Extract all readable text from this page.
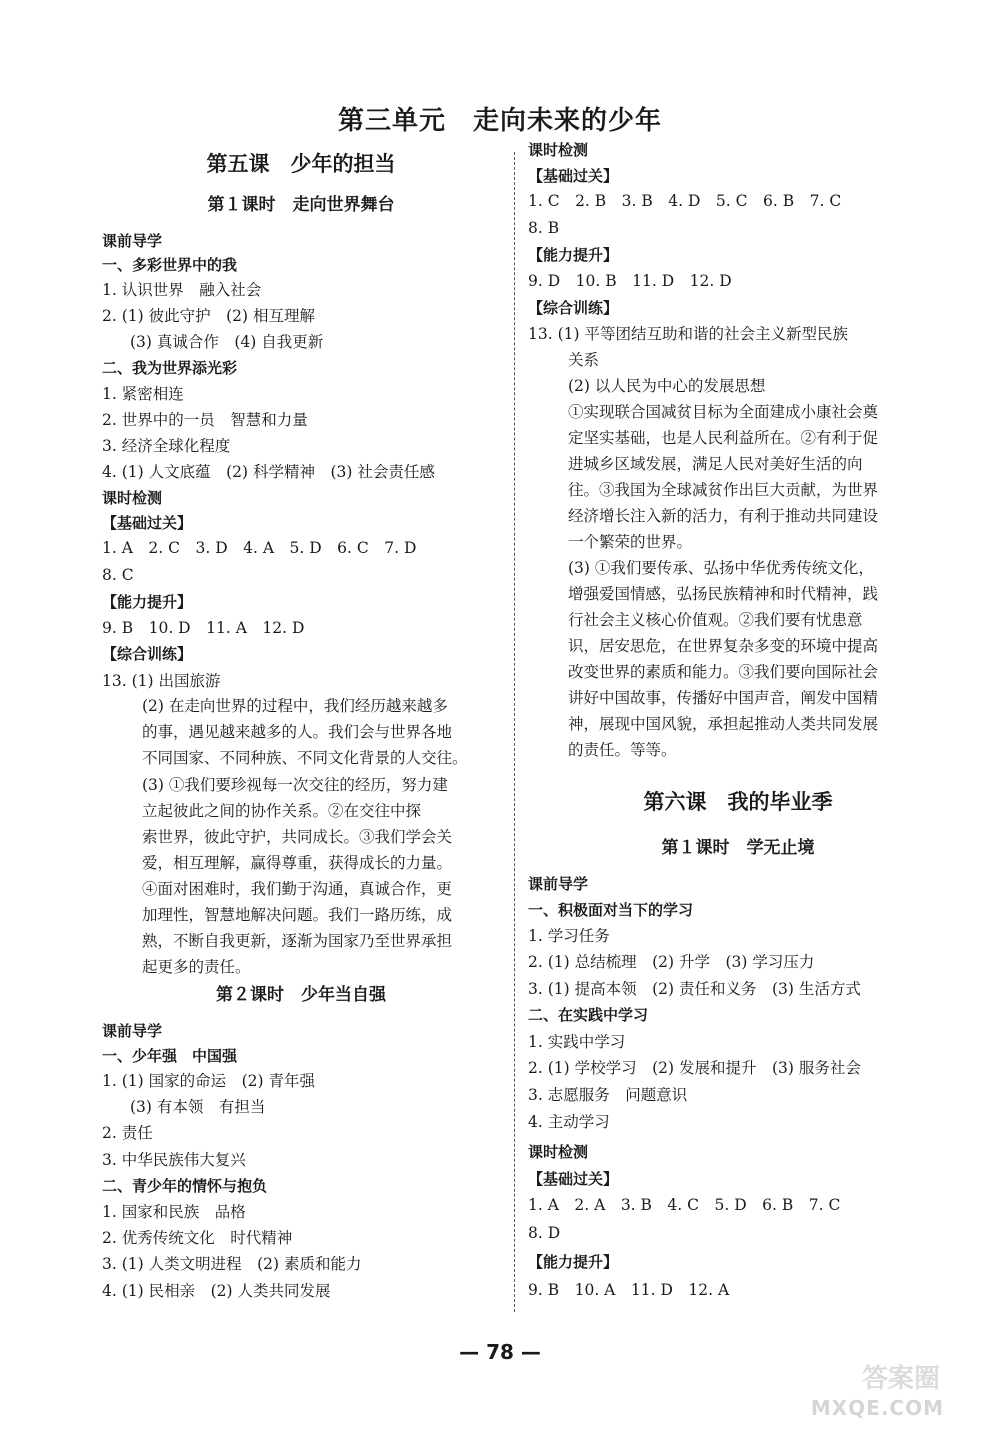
第三单元　走向未来的少年
第五课　少年的担当
第１课时　走向世界舞台
课前导学
一、多彩世界中的我
1. 认识世界　融入社会
2. (1) 彼此守护　(2) 相互理解
(3) 真诚合作　(4) 自我更新
二、我为世界添光彩
1. 紧密相连
2. 世界中的一员　智慧和力量
3. 经济全球化程度
4. (1) 人文底蕴　(2) 科学精神　(3) 社会责任感
课时检测
【基础过关】
1. A　2. C　3. D　4. A　5. D　6. C　7. D
8. C
【能力提升】
9. B　10. D　11. A　12. D
【综合训练】
13. (1) 出国旅游
(2) 在走向世界的过程中，我们经历越来越多
的事，遇见越来越多的人。我们会与世界各地
不同国家、不同种族、不同文化背景的人交往。
(3) ①我们要珍视每一次交往的经历，努力建
立起彼此之间的协作关系。②在交往中探
索世界，彼此守护，共同成长。③我们学会关
爱，相互理解，赢得尊重，获得成长的力量。
④面对困难时，我们勤于沟通，真诚合作，更
加理性，智慧地解决问题。我们一路历练，成
熟，不断自我更新，逐渐为国家乃至世界承担
起更多的责任。
第２课时　少年当自强
课前导学
一、少年强　中国强
1. (1) 国家的命运　(2) 青年强
(3) 有本领　有担当
2. 责任
3. 中华民族伟大复兴
二、青少年的情怀与抱负
1. 国家和民族　品格
2. 优秀传统文化　时代精神
3. (1) 人类文明进程　(2) 素质和能力
4. (1) 民相亲　(2) 人类共同发展
课时检测
【基础过关】
1. C　2. B　3. B　4. D　5. C　6. B　7. C
8. B
【能力提升】
9. D　10. B　11. D　12. D
【综合训练】
13. (1) 平等团结互助和谐的社会主义新型民族
关系
(2) 以人民为中心的发展思想
①实现联合国减贫目标为全面建成小康社会奠
定坚实基础，也是人民利益所在。②有利于促
进城乡区域发展，满足人民对美好生活的向
往。③我国为全球减贫作出巨大贡献，为世界
经济增长注入新的活力，有利于推动共同建设
一个繁荣的世界。
(3) ①我们要传承、弘扬中华优秀传统文化，
增强爱国情感，弘扬民族精神和时代精神，践
行社会主义核心价值观。②我们要有忧患意
识，居安思危，在世界复杂多变的环境中提高
改变世界的素质和能力。③我们要向国际社会
讲好中国故事，传播好中国声音，阐发中国精
神，展现中国风貌，承担起推动人类共同发展
的责任。等等。
第六课　我的毕业季
第１课时　学无止境
课前导学
一、积极面对当下的学习
1. 学习任务
2. (1) 总结梳理　(2) 升学　(3) 学习压力
3. (1) 提高本领　(2) 责任和义务　(3) 生活方式
二、在实践中学习
1. 实践中学习
2. (1) 学校学习　(2) 发展和提升　(3) 服务社会
3. 志愿服务　问题意识
4. 主动学习
课时检测
【基础过关】
1. A　2. A　3. B　4. C　5. D　6. B　7. C
8. D
【能力提升】
9. B　10. A　11. D　12. A
— 78 —
答案圈
MXQE.COM
